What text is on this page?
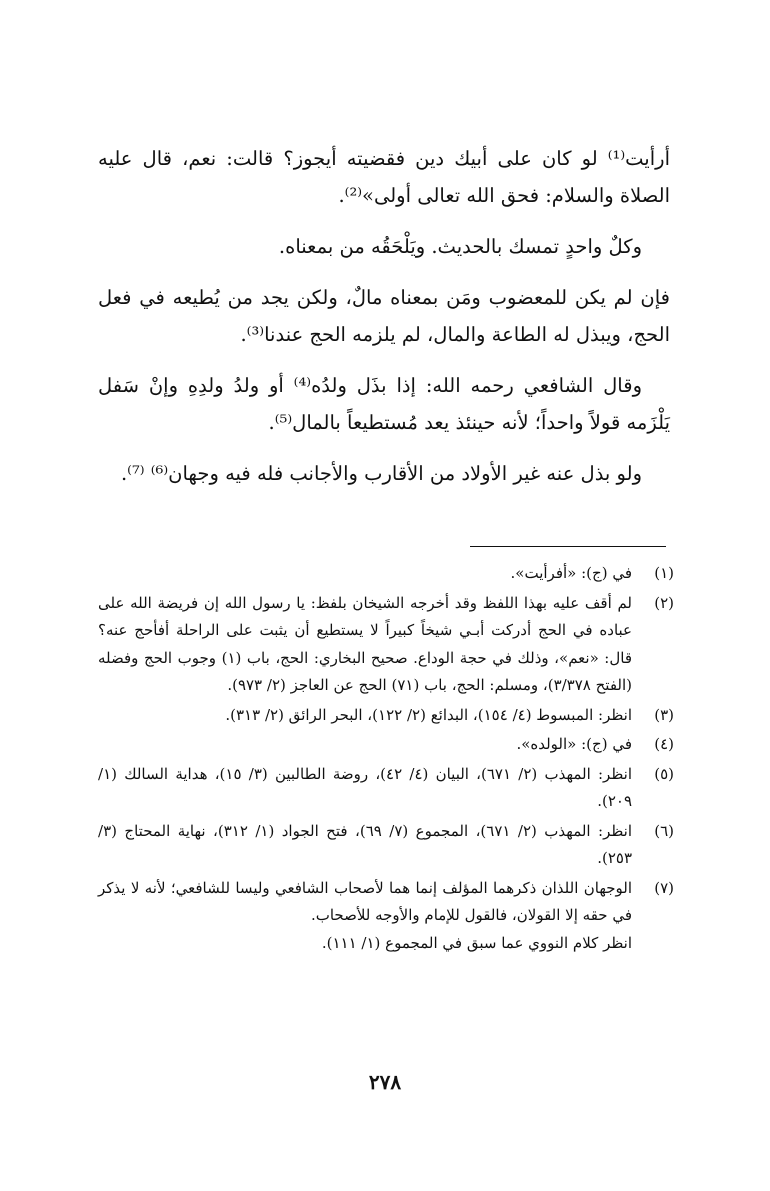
أرأيت⁽¹⁾ لو كان على أبيك دين فقضيته أيجوز؟ قالت: نعم، قال عليه الصلاة والسلام: فحق الله تعالى أولى»⁽²⁾.

وكلٌ واحدٍ تمسك بالحديث. ويَلْحَقُه من بمعناه.

فإن لم يكن للمعضوب ومَن بمعناه مالٌ، ولكن يجد من يُطيعه في فعل الحج، ويبذل له الطاعة والمال، لم يلزمه الحج عندنا⁽³⁾.

وقال الشافعي رحمه الله: إذا بذَل ولدُه⁽⁴⁾ أو ولدُ ولدِهِ وإنْ سَفل يَلْزَمه قولاً واحداً؛ لأنه حينئذ يعد مُستطيعاً بالمال⁽⁵⁾.

ولو بذل عنه غير الأولاد من الأقارب والأجانب فله فيه وجهان⁽⁶⁾ ⁽⁷⁾.

(١)
في (ج): «أفرأيت».
(٢)
لم أقف عليه بهذا اللفظ وقد أخرجه الشيخان بلفظ: يا رسول الله إن فريضة الله على عباده في الحج أدركت أبـي شيخاً كبيراً لا يستطيع أن يثبت على الراحلة أفأحج عنه؟ قال: «نعم»، وذلك في حجة الوداع. صحيح البخاري: الحج، باب (١) وجوب الحج وفضله (الفتح ٣/٣٧٨)، ومسلم: الحج، باب (٧١) الحج عن العاجز (٢/ ٩٧٣).
(٣)
انظر: المبسوط (٤/ ١٥٤)، البدائع (٢/ ١٢٢)، البحر الرائق (٢/ ٣١٣).
(٤)
في (ج): «الولده».
(٥)
انظر: المهذب (٢/ ٦٧١)، البيان (٤/ ٤٢)، روضة الطالبين (٣/ ١٥)، هداية السالك (١/ ٢٠٩).
(٦)
انظر: المهذب (٢/ ٦٧١)، المجموع (٧/ ٦٩)، فتح الجواد (١/ ٣١٢)، نهاية المحتاج (٣/ ٢٥٣).
(٧)
الوجهان اللذان ذكرهما المؤلف إنما هما لأصحاب الشافعي وليسا للشافعي؛ لأنه لا يذكر في حقه إلا القولان، فالقول للإمام والأوجه للأصحاب.
انظر كلام النووي عما سبق في المجموع (١/ ١١١).
٢٧٨
